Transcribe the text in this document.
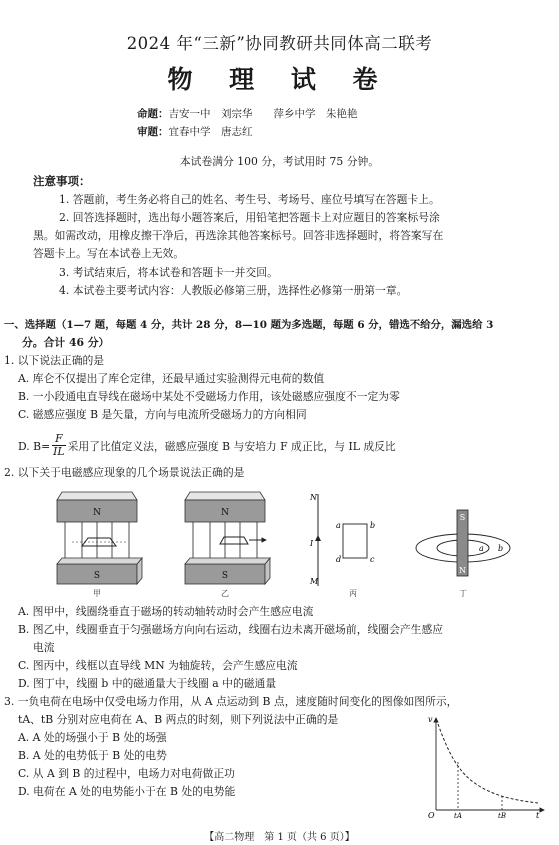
2024 年“三新”协同教研共同体高二联考
物 理 试 卷
命题：吉安一中　刘宗华　　萍乡中学　朱艳艳
审题：宜春中学　唐志红
本试卷满分 100 分，考试用时 75 分钟。
注意事项：
1. 答题前，考生务必将自己的姓名、考生号、考场号、座位号填写在答题卡上。
2. 回答选择题时，选出每小题答案后，用铅笔把答题卡上对应题目的答案标号涂
黑。如需改动，用橡皮擦干净后，再选涂其他答案标号。回答非选择题时，将答案写在
答题卡上。写在本试卷上无效。
3. 考试结束后，将本试卷和答题卡一并交回。
4. 本试卷主要考试内容：人教版必修第三册，选择性必修第一册第一章。
一、选择题（1—7 题，每题 4 分，共计 28 分，8—10 题为多选题，每题 6 分，错选不给分，漏选给 3
分。合计 46 分）
1. 以下说法正确的是
A. 库仑不仅提出了库仑定律，还最早通过实验测得元电荷的数值
B. 一小段通电直导线在磁场中某处不受磁场力作用，该处磁感应强度不一定为零
C. 磁感应强度 B 是矢量，方向与电流所受磁场力的方向相同
D. $B= \frac{F}{IL}$ 采用了比值定义法，磁感应强度 B 与安培力 F 成正比，与 IL 成反比
2. 以下关于电磁感应现象的几个场景说法正确的是
N
S
甲
N
S
乙
N
M
I
a	b
d	c
丙
S
N
a b
丁
A. 图甲中，线圈绕垂直于磁场的转动轴转动时会产生感应电流
B. 图乙中，线圈垂直于匀强磁场方向向右运动，线圈右边未离开磁场前，线圈会产生感应
电流
C. 图丙中，线框以直导线 MN 为轴旋转，会产生感应电流
D. 图丁中，线圈 b 中的磁通量大于线圈 a 中的磁通量
3. 一负电荷在电场中仅受电场力作用，从 A 点运动到 B 点，速度随时间变化的图像如图所示，
tA、tB 分别对应电荷在 A、B 两点的时刻，则下列说法中正确的是
A. A 处的场强小于 B 处的场强
B. A 处的电势低于 B 处的电势
C. 从 A 到 B 的过程中，电场力对电荷做正功
D. 电荷在 A 处的电势能小于在 B 处的电势能
v
t
O	tA	tB
【高二物理　第 1 页（共 6 页）】
